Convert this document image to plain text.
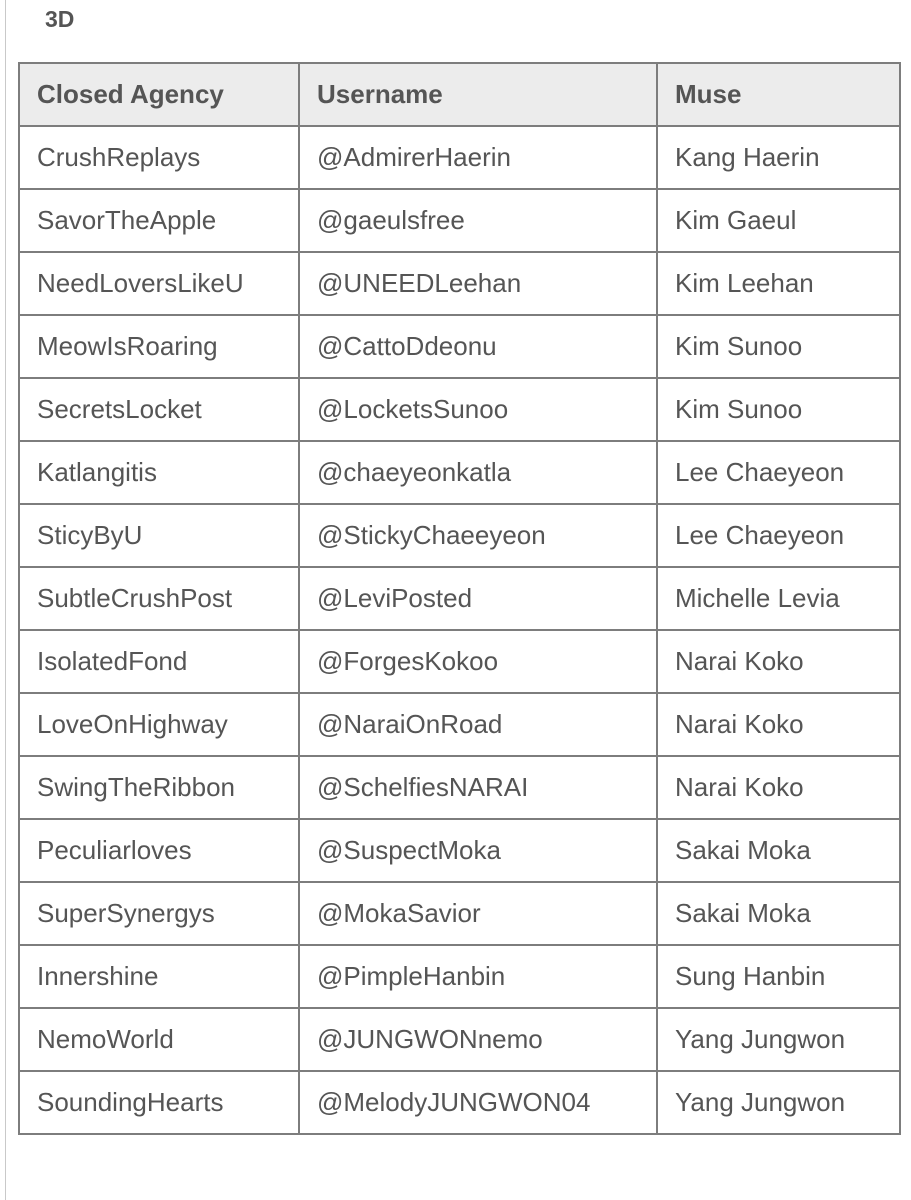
3D
Closed Agency	Username	Muse
CrushReplays	@AdmirerHaerin	Kang Haerin
SavorTheApple	@gaeulsfree	Kim Gaeul
NeedLoversLikeU	@UNEEDLeehan	Kim Leehan
MeowIsRoaring	@CattoDdeonu	Kim Sunoo
SecretsLocket	@LocketsSunoo	Kim Sunoo
Katlangitis	@chaeyeonkatla	Lee Chaeyeon
SticyByU	@StickyChaeeyeon	Lee Chaeyeon
SubtleCrushPost	@LeviPosted	Michelle Levia
IsolatedFond	@ForgesKokoo	Narai Koko
LoveOnHighway	@NaraiOnRoad	Narai Koko
SwingTheRibbon	@SchelfiesNARAI	Narai Koko
Peculiarloves	@SuspectMoka	Sakai Moka
SuperSynergys	@MokaSavior	Sakai Moka
Innershine	@PimpleHanbin	Sung Hanbin
NemoWorld	@JUNGWONnemo	Yang Jungwon
SoundingHearts	@MelodyJUNGWON04	Yang Jungwon
